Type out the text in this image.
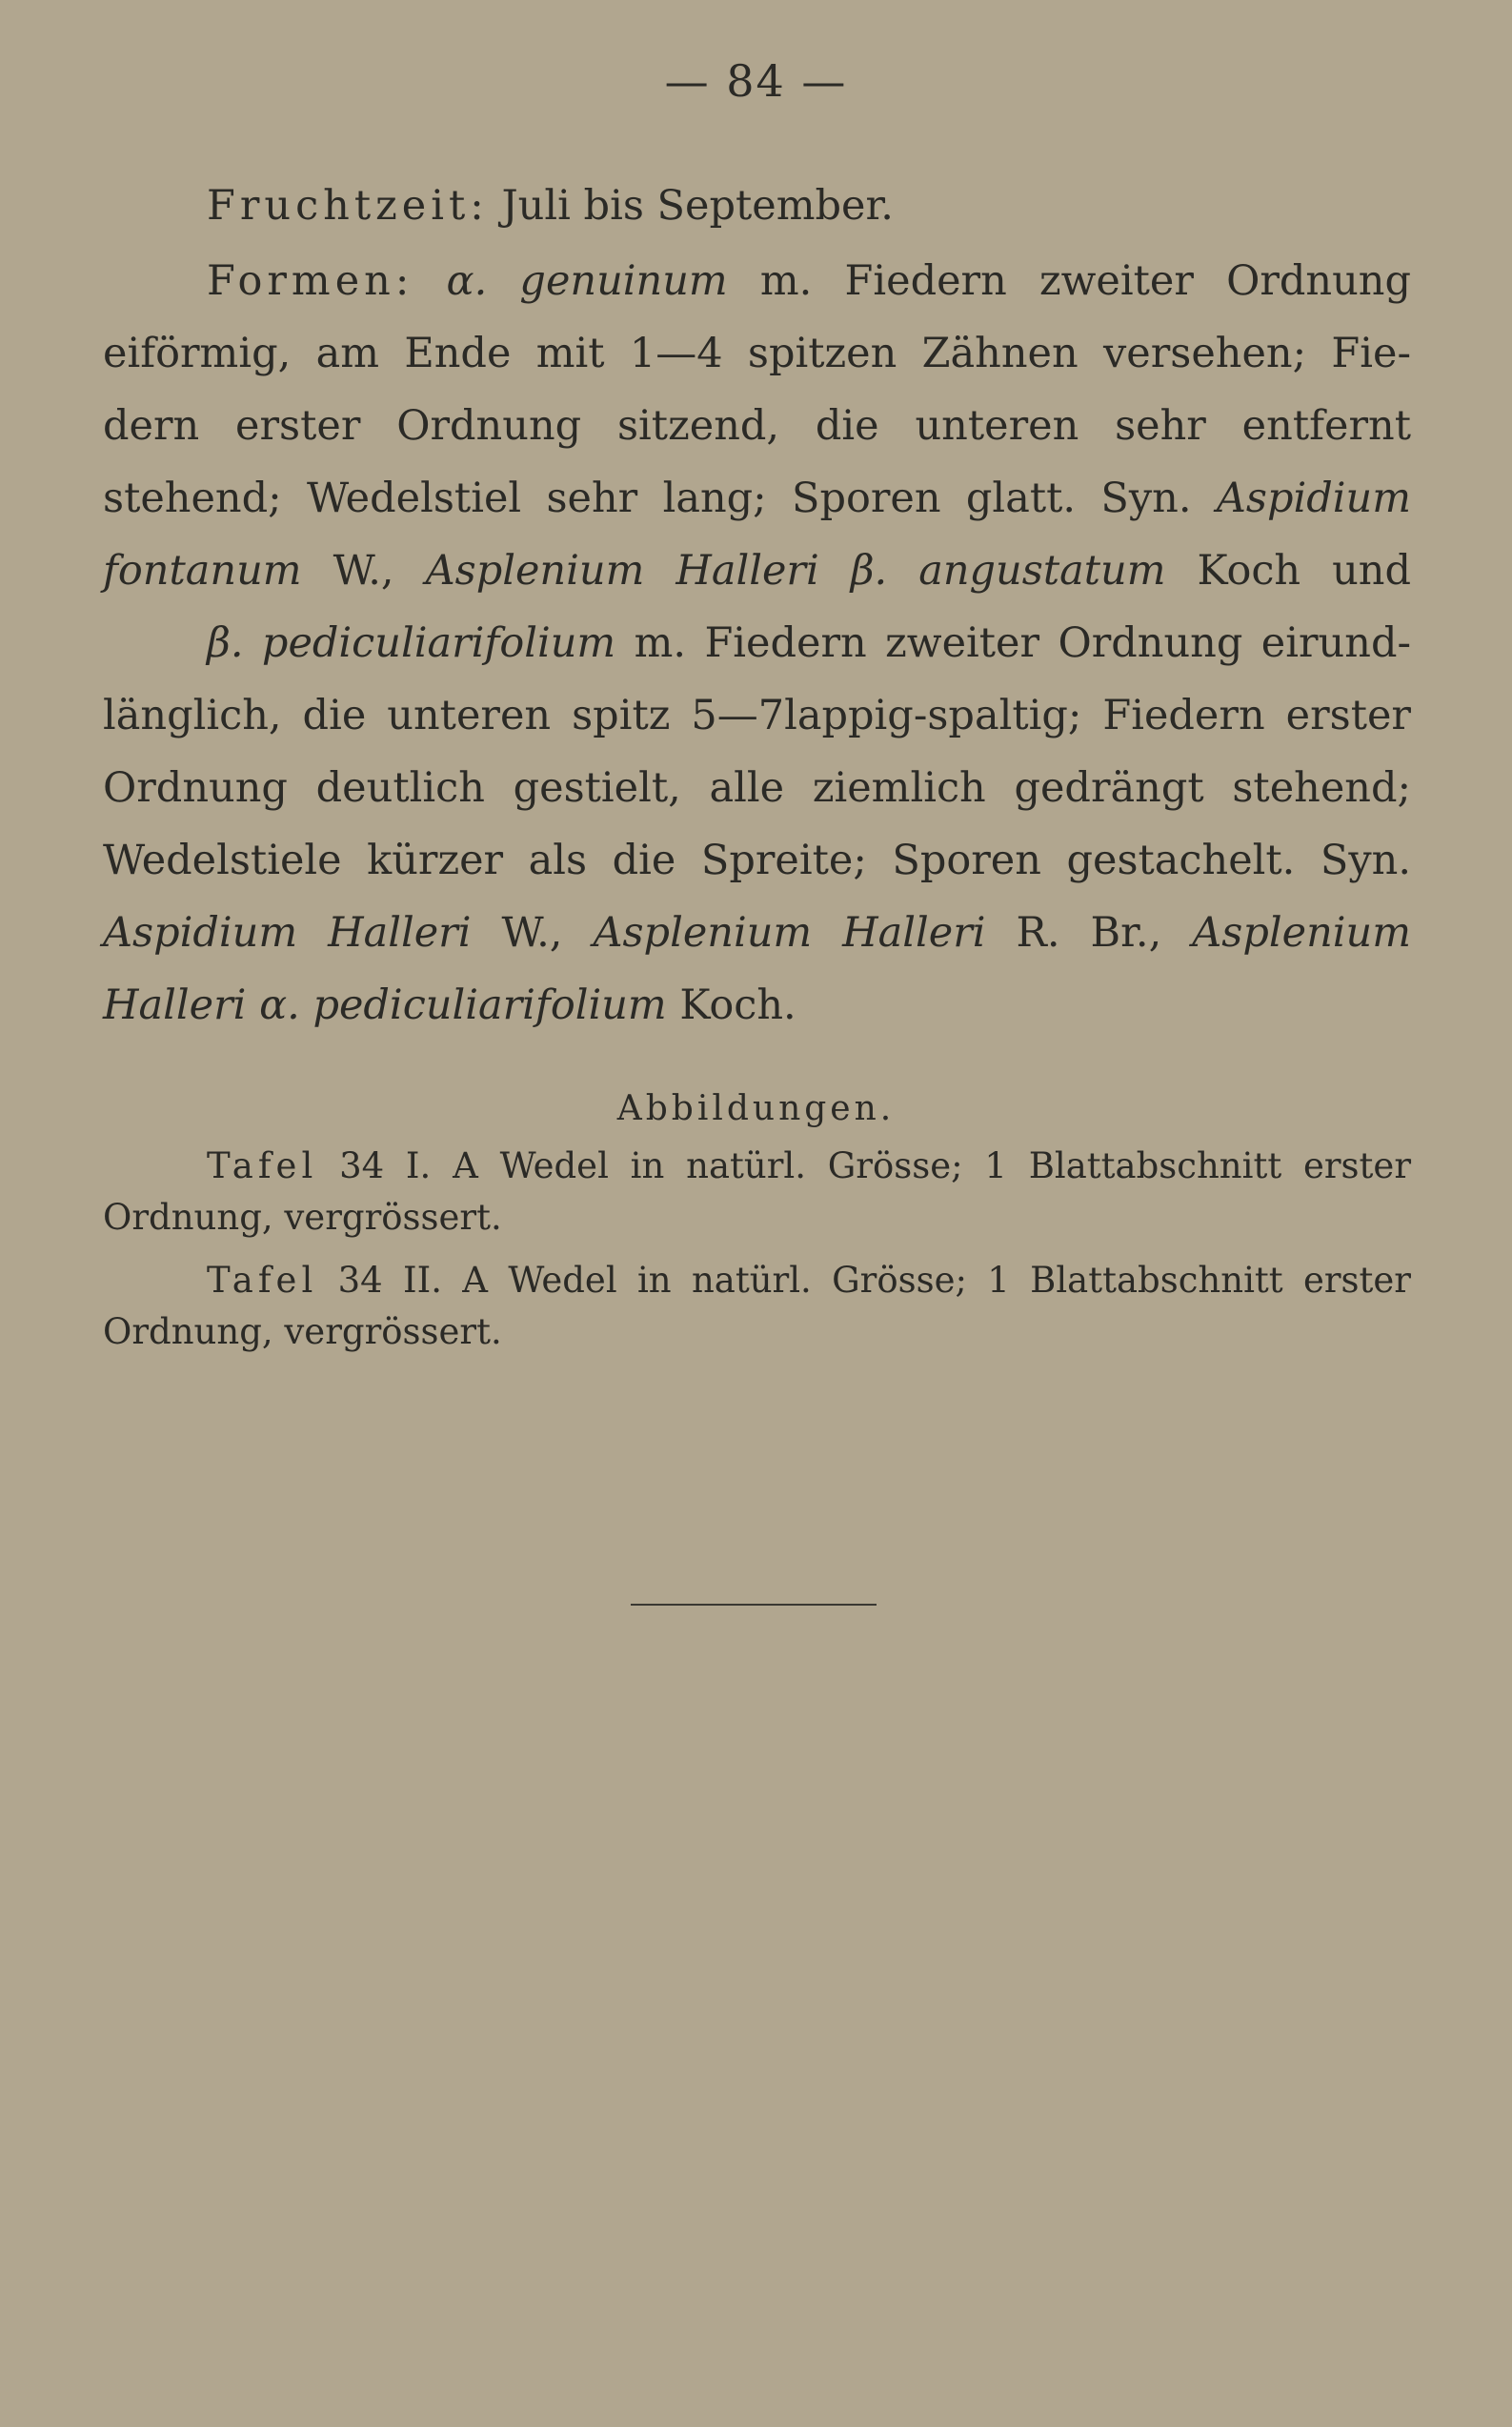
— 84 —
Fruchtzeit: Juli bis September.
Formen: α. genuinum m. Fiedern zweiter Ordnung
eiförmig, am Ende mit 1—4 spitzen Zähnen versehen; Fie-
dern erster Ordnung sitzend, die unteren sehr entfernt
stehend; Wedelstiel sehr lang; Sporen glatt. Syn. Aspidium
fontanum W., Asplenium Halleri β. angustatum Koch und
β. pediculiarifolium m. Fiedern zweiter Ordnung eirund-
länglich, die unteren spitz 5—7lappig-spaltig; Fiedern erster
Ordnung deutlich gestielt, alle ziemlich gedrängt stehend;
Wedelstiele kürzer als die Spreite; Sporen gestachelt. Syn.
Aspidium Halleri W., Asplenium Halleri R. Br., Asplenium
Halleri α. pediculiarifolium Koch.
Abbildungen.
Tafel 34 I. A Wedel in natürl. Grösse; 1 Blattabschnitt erster
Ordnung, vergrössert.
Tafel 34 II. A Wedel in natürl. Grösse; 1 Blattabschnitt erster
Ordnung, vergrössert.
